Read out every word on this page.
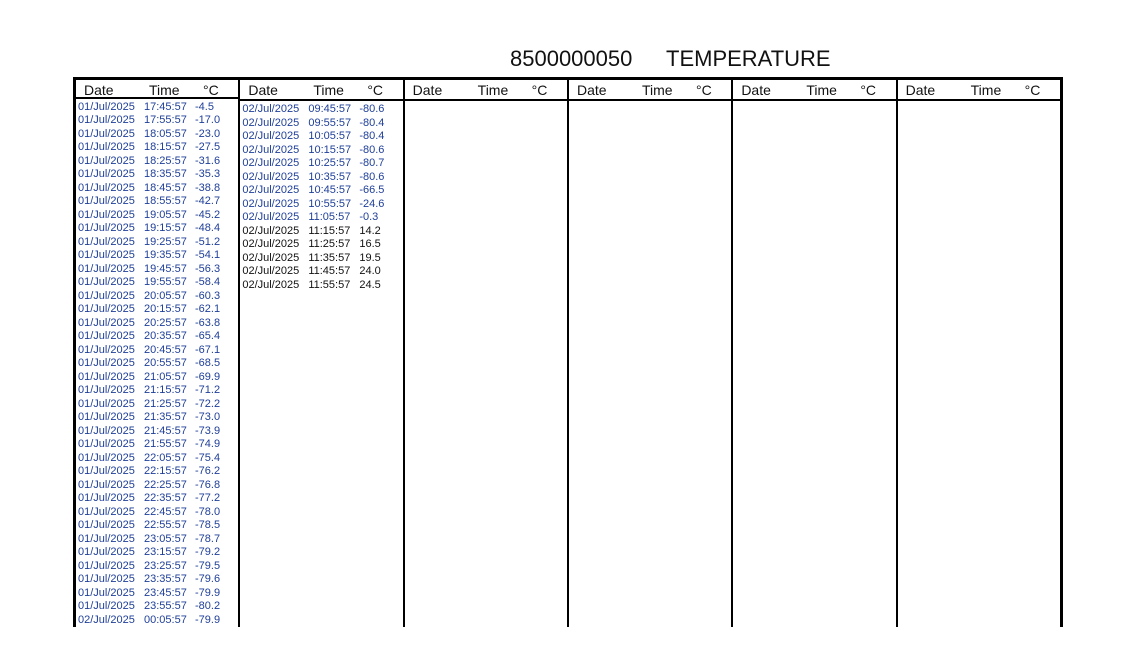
8500000050 TEMPERATURE
Date	Time °C
01/Jul/2025 17:45:57 -4.5
01/Jul/2025 17:55:57 -17.0
01/Jul/2025 18:05:57 -23.0
01/Jul/2025 18:15:57 -27.5
01/Jul/2025 18:25:57 -31.6
01/Jul/2025 18:35:57 -35.3
01/Jul/2025 18:45:57 -38.8
01/Jul/2025 18:55:57 -42.7
01/Jul/2025 19:05:57 -45.2
01/Jul/2025 19:15:57 -48.4
01/Jul/2025 19:25:57 -51.2
01/Jul/2025 19:35:57 -54.1
01/Jul/2025 19:45:57 -56.3
01/Jul/2025 19:55:57 -58.4
01/Jul/2025 20:05:57 -60.3
01/Jul/2025 20:15:57 -62.1
01/Jul/2025 20:25:57 -63.8
01/Jul/2025 20:35:57 -65.4
01/Jul/2025 20:45:57 -67.1
01/Jul/2025 20:55:57 -68.5
01/Jul/2025 21:05:57 -69.9
01/Jul/2025 21:15:57 -71.2
01/Jul/2025 21:25:57 -72.2
01/Jul/2025 21:35:57 -73.0
01/Jul/2025 21:45:57 -73.9
01/Jul/2025 21:55:57 -74.9
01/Jul/2025 22:05:57 -75.4
01/Jul/2025 22:15:57 -76.2
01/Jul/2025 22:25:57 -76.8
01/Jul/2025 22:35:57 -77.2
01/Jul/2025 22:45:57 -78.0
01/Jul/2025 22:55:57 -78.5
01/Jul/2025 23:05:57 -78.7
01/Jul/2025 23:15:57 -79.2
01/Jul/2025 23:25:57 -79.5
01/Jul/2025 23:35:57 -79.6
01/Jul/2025 23:45:57 -79.9
01/Jul/2025 23:55:57 -80.2
02/Jul/2025 00:05:57 -79.9
Date	Time °C
02/Jul/2025 09:45:57 -80.6
02/Jul/2025 09:55:57 -80.4
02/Jul/2025 10:05:57 -80.4
02/Jul/2025 10:15:57 -80.6
02/Jul/2025 10:25:57 -80.7
02/Jul/2025 10:35:57 -80.6
02/Jul/2025 10:45:57 -66.5
02/Jul/2025 10:55:57 -24.6
02/Jul/2025 11:05:57 -0.3
02/Jul/2025 11:15:57 14.2
02/Jul/2025 11:25:57 16.5
02/Jul/2025 11:35:57 19.5
02/Jul/2025 11:45:57 24.0
02/Jul/2025 11:55:57 24.5
Date	Time °C Date	Time °C Date	Time °C Date	Time °C
